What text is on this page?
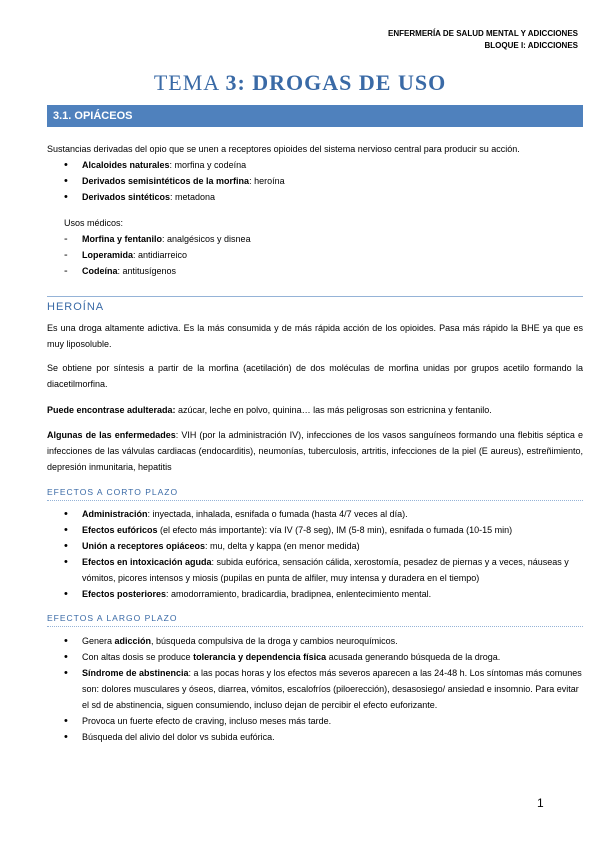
ENFERMERÍA DE SALUD MENTAL Y ADICCIONES
BLOQUE I: ADICCIONES
TEMA 3: DROGAS DE USO
3.1. OPIÁCEOS
Sustancias derivadas del opio que se unen a receptores opioides del sistema nervioso central para producir su acción.
• Alcaloides naturales: morfina y codeína
• Derivados semisintéticos de la morfina: heroína
• Derivados sintéticos: metadona
Usos médicos:
- Morfina y fentanilo: analgésicos y disnea
- Loperamida: antidiarreico
- Codeína: antitusígenos
HEROÍNA
Es una droga altamente adictiva. Es la más consumida y de más rápida acción de los opioides. Pasa más rápido la BHE ya que es muy liposoluble.
Se obtiene por síntesis a partir de la morfina (acetilación) de dos moléculas de morfina unidas por grupos acetilo formando la diacetilmorfina.
Puede encontrase adulterada: azúcar, leche en polvo, quinina… las más peligrosas son estricnina y fentanilo.
Algunas de las enfermedades: VIH (por la administración IV), infecciones de los vasos sanguíneos formando una flebitis séptica e infecciones de las válvulas cardiacas (endocarditis), neumonías, tuberculosis, artritis, infecciones de la piel (E aureus), estreñimiento, depresión inmunitaria, hepatitis
EFECTOS A CORTO PLAZO
• Administración: inyectada, inhalada, esnifada o fumada (hasta 4/7 veces al día).
• Efectos eufóricos (el efecto más importante): vía IV (7-8 seg), IM (5-8 min), esnifada o fumada (10-15 min)
• Unión a receptores opiáceos: mu, delta y kappa (en menor medida)
• Efectos en intoxicación aguda: subida eufórica, sensación cálida, xerostomía, pesadez de piernas y a veces, náuseas y vómitos, picores intensos y miosis (pupilas en punta de alfiler, muy intensa y duradera en el tiempo)
• Efectos posteriores: amodorramiento, bradicardia, bradipnea, enlentecimiento mental.
EFECTOS A LARGO PLAZO
• Genera adicción, búsqueda compulsiva de la droga y cambios neuroquímicos.
• Con altas dosis se produce tolerancia y dependencia física acusada generando búsqueda de la droga.
• Síndrome de abstinencia: a las pocas horas y los efectos más severos aparecen a las 24-48 h. Los síntomas más comunes son: dolores musculares y óseos, diarrea, vómitos, escalofríos (piloerección), desasosiego/ ansiedad e insomnio. Para evitar el sd de abstinencia, siguen consumiendo, incluso dejan de percibir el efecto euforizante.
• Provoca un fuerte efecto de craving, incluso meses más tarde.
• Búsqueda del alivio del dolor vs subida eufórica.
1
